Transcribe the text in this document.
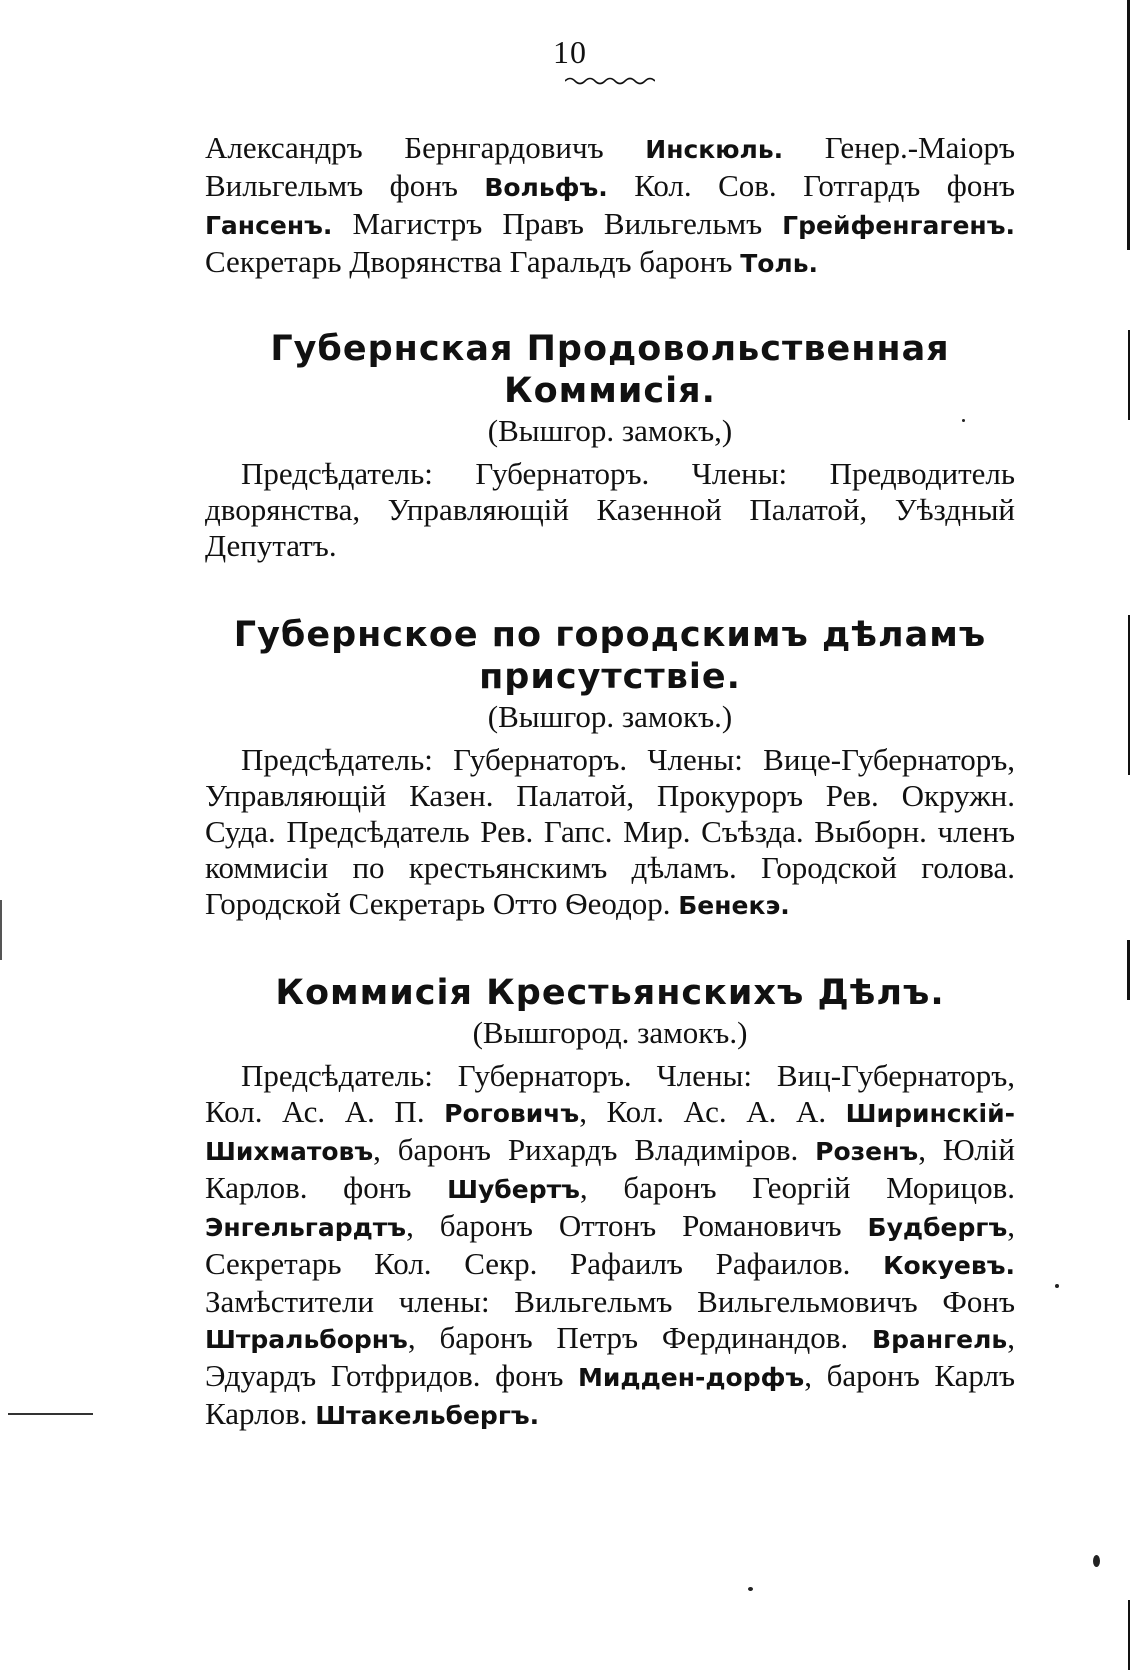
10

Александръ Бернгардовичъ Инскюль. Генер.-Маіоръ Вильгельмъ фонъ Вольфъ. Кол. Сов. Готгардъ фонъ Гансенъ. Магистръ Правъ Вильгельмъ Грейфенгагенъ. Секретарь Дворянства Гаральдъ баронъ Толь.

Губернская Продовольственная Коммисія.

(Вышгор. замокъ,)

Предсѣдатель: Губернаторъ. Члены: Предводитель дворянства, Управляющій Казенной Палатой, Уѣздный Депутатъ.

Губернское по городскимъ дѣламъ присутствіе.

(Вышгор. замокъ.)

Предсѣдатель: Губернаторъ. Члены: Вице-Губернаторъ, Управляющій Казен. Палатой, Прокуроръ Рев. Окружн. Суда. Предсѣдатель Рев. Гапс. Мир. Съѣзда. Выборн. членъ коммисіи по крестьянскимъ дѣламъ. Городской голова. Городской Секретарь Отто Ѳеодор. Бенекэ.

Коммисія Крестьянскихъ Дѣлъ.

(Вышгород. замокъ.)

Предсѣдатель: Губернаторъ. Члены: Виц-Губернаторъ, Кол. Ас. А. П. Роговичъ, Кол. Ас. А. А. Ширинскій-Шихматовъ, баронъ Рихардъ Владиміров. Розенъ, Юлій Карлов. фонъ Шубертъ, баронъ Георгій Морицов. Энгельгардтъ, баронъ Оттонъ Романовичъ Будбергъ, Секретарь Кол. Секр. Рафаилъ Рафаилов. Кокуевъ. Замѣстители члены: Вильгельмъ Вильгельмовичъ Фонъ Штральборнъ, баронъ Петръ Фердинандов. Врангель, Эдуардъ Готфридов. фонъ Мидден-дорфъ, баронъ Карлъ Карлов. Штакельбергъ.
